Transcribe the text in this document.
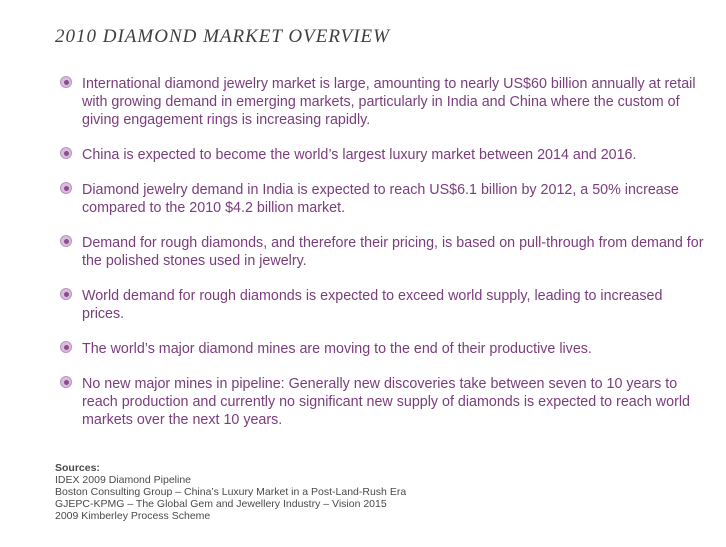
2010 DIAMOND MARKET OVERVIEW
International diamond jewelry market is large, amounting to nearly US$60 billion annually at retail with growing demand in emerging markets, particularly in India and China where the custom of giving engagement rings is increasing rapidly.
China is expected to become the world’s largest luxury market between 2014 and 2016.
Diamond jewelry demand in India is expected to reach US$6.1 billion by 2012, a 50% increase compared to the 2010 $4.2 billion market.
Demand for rough diamonds, and therefore their pricing, is based on pull-through from demand for the polished stones used in jewelry.
World demand for rough diamonds is expected to exceed world supply, leading to increased prices.
The world’s major diamond mines are moving to the end of their productive lives.
No new major mines in pipeline: Generally new discoveries take between seven to 10 years to reach production and currently no significant new supply of diamonds is expected to reach world markets over the next 10 years.
Sources:
IDEX 2009 Diamond Pipeline
Boston Consulting Group – China’s Luxury Market in a Post-Land-Rush Era
GJEPC-KPMG – The Global Gem and Jewellery Industry – Vision 2015
2009 Kimberley Process Scheme
